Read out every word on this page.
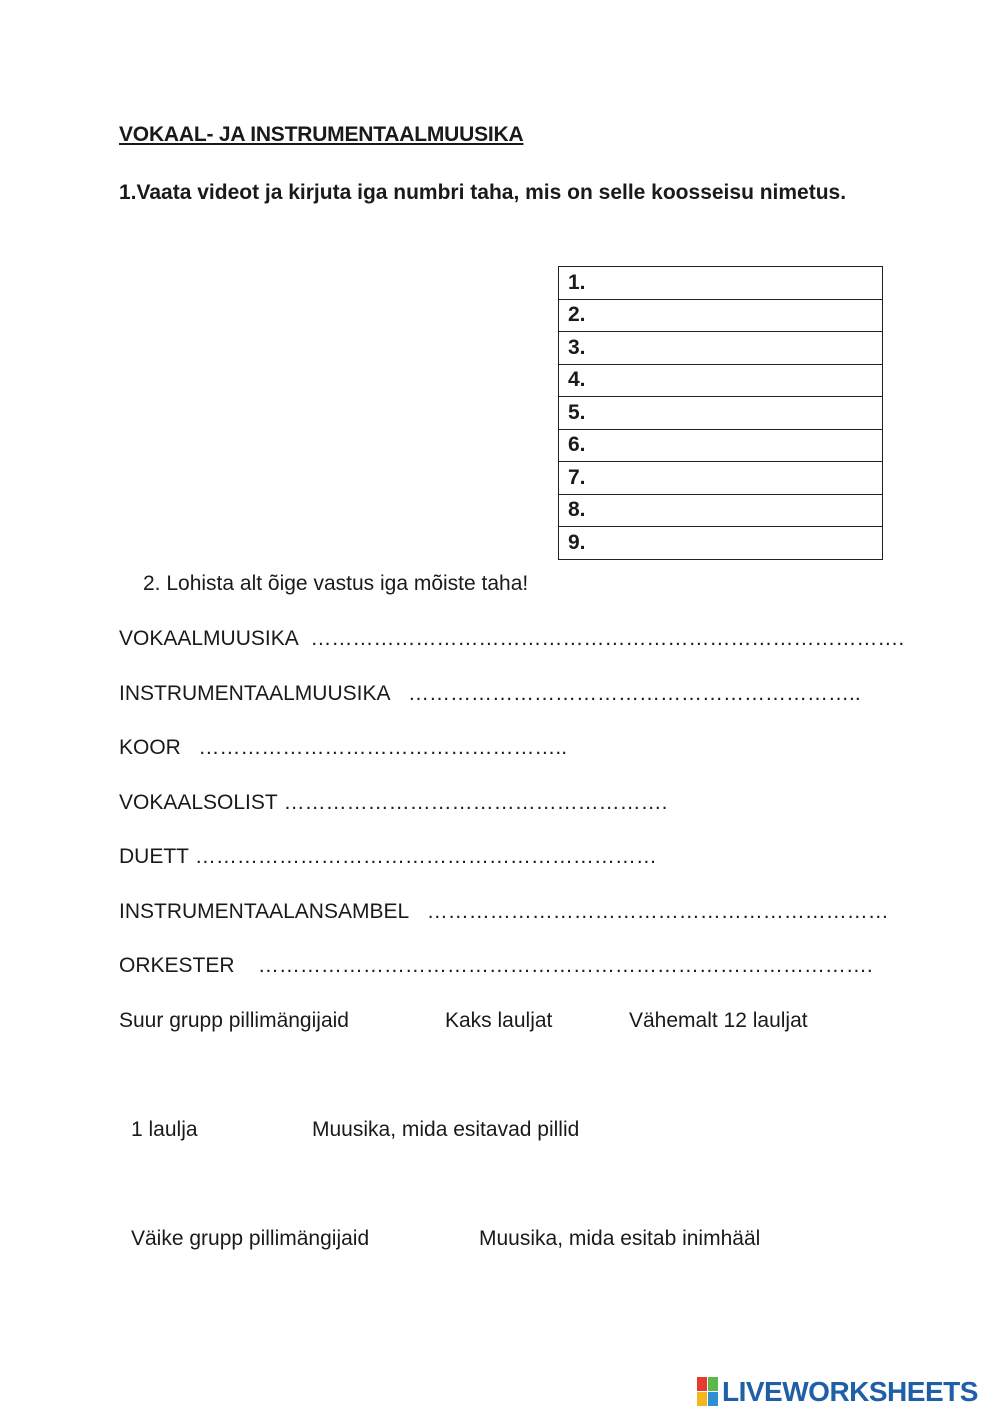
VOKAAL- JA INSTRUMENTAALMUUSIKA
1.Vaata videot ja kirjuta iga numbri taha, mis on selle koosseisu nimetus.
1.
2.
3.
4.
5.
6.
7.
8.
9.
2. Lohista alt õige vastus iga mõiste taha!
VOKAALMUUSIKA ………………………………………………………………………….
INSTRUMENTAALMUUSIKA ………………………………………………………..
KOOR ……………………………………………..
VOKAALSOLIST ……………………………………………….
DUETT …………………………………………………………
INSTRUMENTAALANSAMBEL …………………………………………………………
ORKESTER …………………………………………………………………………….
Suur grupp pillimängijaid	Kaks lauljat	Vähemalt 12 lauljat
1 laulja	Muusika, mida esitavad pillid
Väike grupp pillimängijaid	Muusika, mida esitab inimhääl
LIVEWORKSHEETS
